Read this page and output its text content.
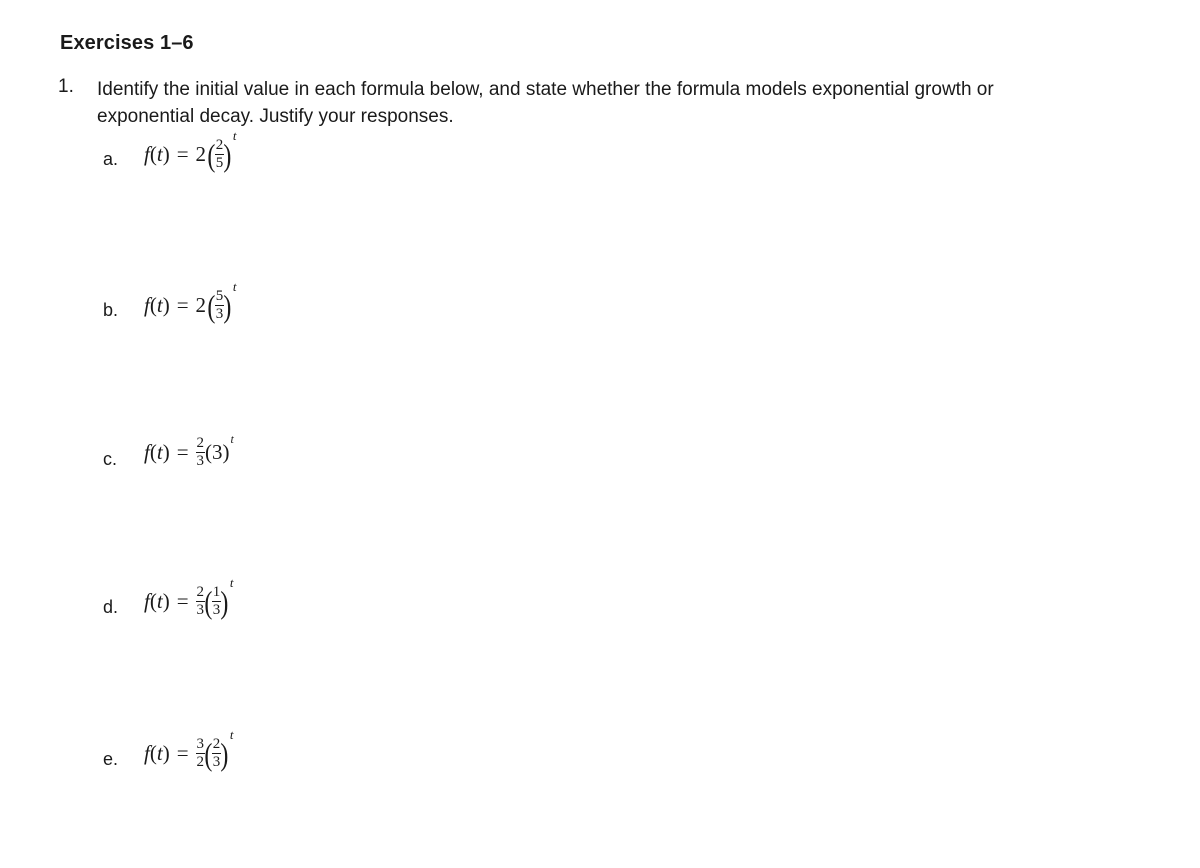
Exercises 1–6
1. Identify the initial value in each formula below, and state whether the formula models exponential growth or exponential decay. Justify your responses.
a. f ( t ) = 2 ( $\frac{2}{5}$ )
t
b. f ( t ) = 2 ( $\frac{5}{3}$ )
t
c. f ( t ) = $\frac{2}{3} (3)$
t
d. f ( t ) = $\frac{2}{3}$ ( $\frac{1}{3}$ )
t
e. f ( t ) = $\frac{3}{2}$ ( $\frac{2}{3}$ )
t
